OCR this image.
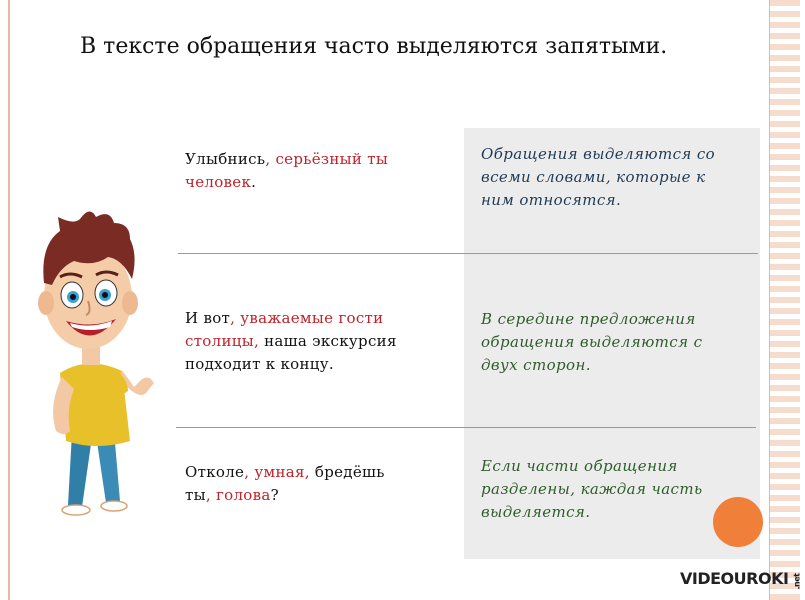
В тексте обращения часто выделяются запятыми.
Улыбнись, серьёзный ты человек.
И вот, уважаемые гости столицы, наша экскурсия подходит к концу.
Отколе, умная, бредёшь ты, голова?
Обращения выделяются со всеми словами, которые к ним относятся.
В середине предложения обращения выделяются с двух сторон.
Если части обращения разделены, каждая часть выделяется.
VIDEOUROKI .net
